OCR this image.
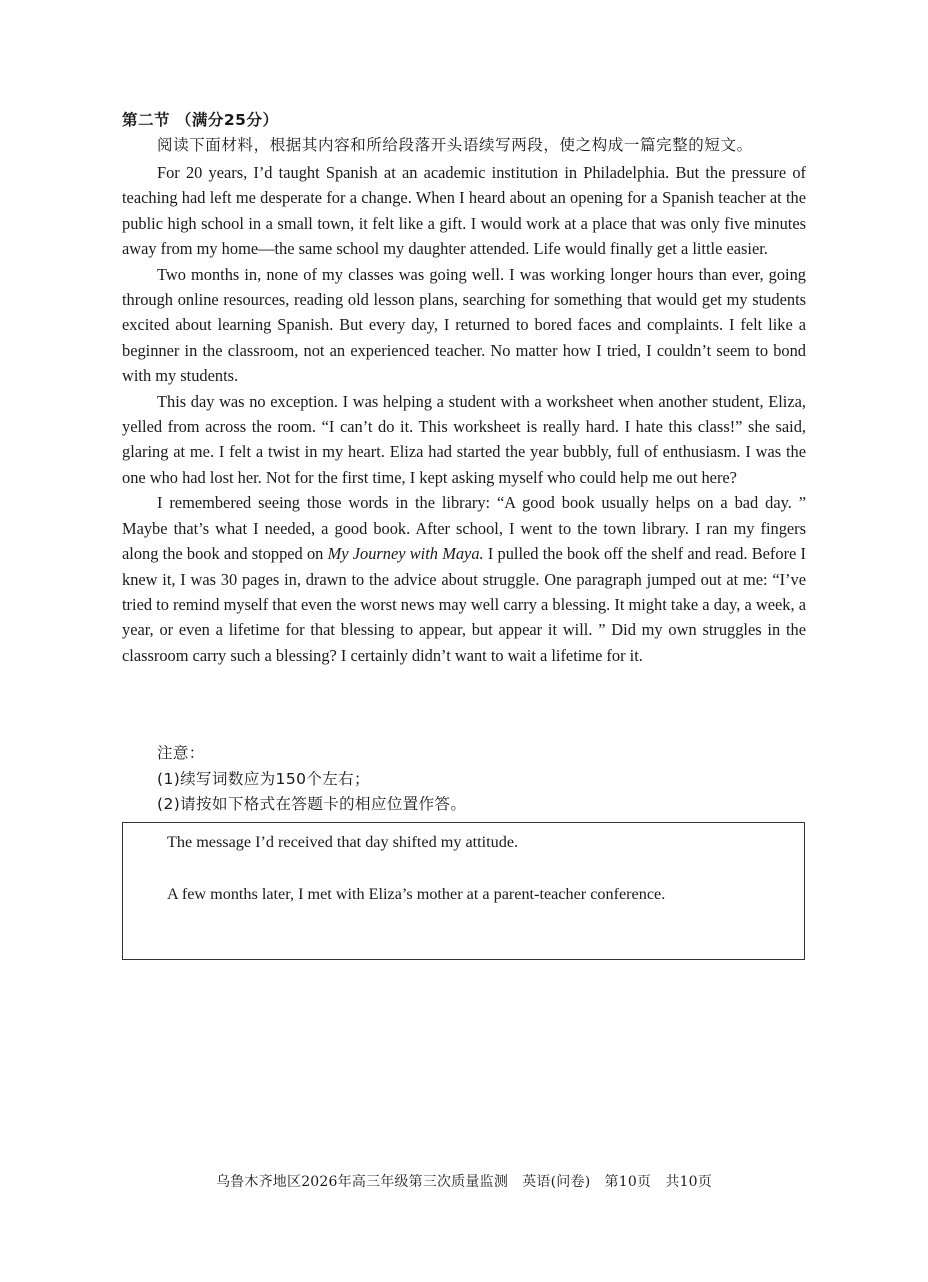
第二节 （满分25分）
阅读下面材料，根据其内容和所给段落开头语续写两段，使之构成一篇完整的短文。

For 20 years, I’d taught Spanish at an academic institution in Philadelphia. But the pressure of teaching had left me desperate for a change. When I heard about an opening for a Spanish teacher at the public high school in a small town, it felt like a gift. I would work at a place that was only five minutes away from my home—the same school my daughter attended. Life would finally get a little easier.

Two months in, none of my classes was going well. I was working longer hours than ever, going through online resources, reading old lesson plans, searching for something that would get my students excited about learning Spanish. But every day, I returned to bored faces and complaints. I felt like a beginner in the classroom, not an experienced teacher. No matter how I tried, I couldn’t seem to bond with my students.

This day was no exception. I was helping a student with a worksheet when another student, Eliza, yelled from across the room. “I can’t do it. This worksheet is really hard. I hate this class!” she said, glaring at me. I felt a twist in my heart. Eliza had started the year bubbly, full of enthusiasm. I was the one who had lost her. Not for the first time, I kept asking myself who could help me out here?

I remembered seeing those words in the library: “A good book usually helps on a bad day. ” Maybe that’s what I needed, a good book. After school, I went to the town library. I ran my fingers along the book and stopped on My Journey with Maya. I pulled the book off the shelf and read. Before I knew it, I was 30 pages in, drawn to the advice about struggle. One paragraph jumped out at me: “I’ve tried to remind myself that even the worst news may well carry a blessing. It might take a day, a week, a year, or even a lifetime for that blessing to appear, but appear it will. ” Did my own struggles in the classroom carry such a blessing? I certainly didn’t want to wait a lifetime for it.

注意：
(1)续写词数应为150个左右；
(2)请按如下格式在答题卡的相应位置作答。
The message I’d received that day shifted my attitude.
A few months later, I met with Eliza’s mother at a parent-teacher conference.
乌鲁木齐地区2026年高三年级第三次质量监测　英语(问卷)　第10页　共10页
